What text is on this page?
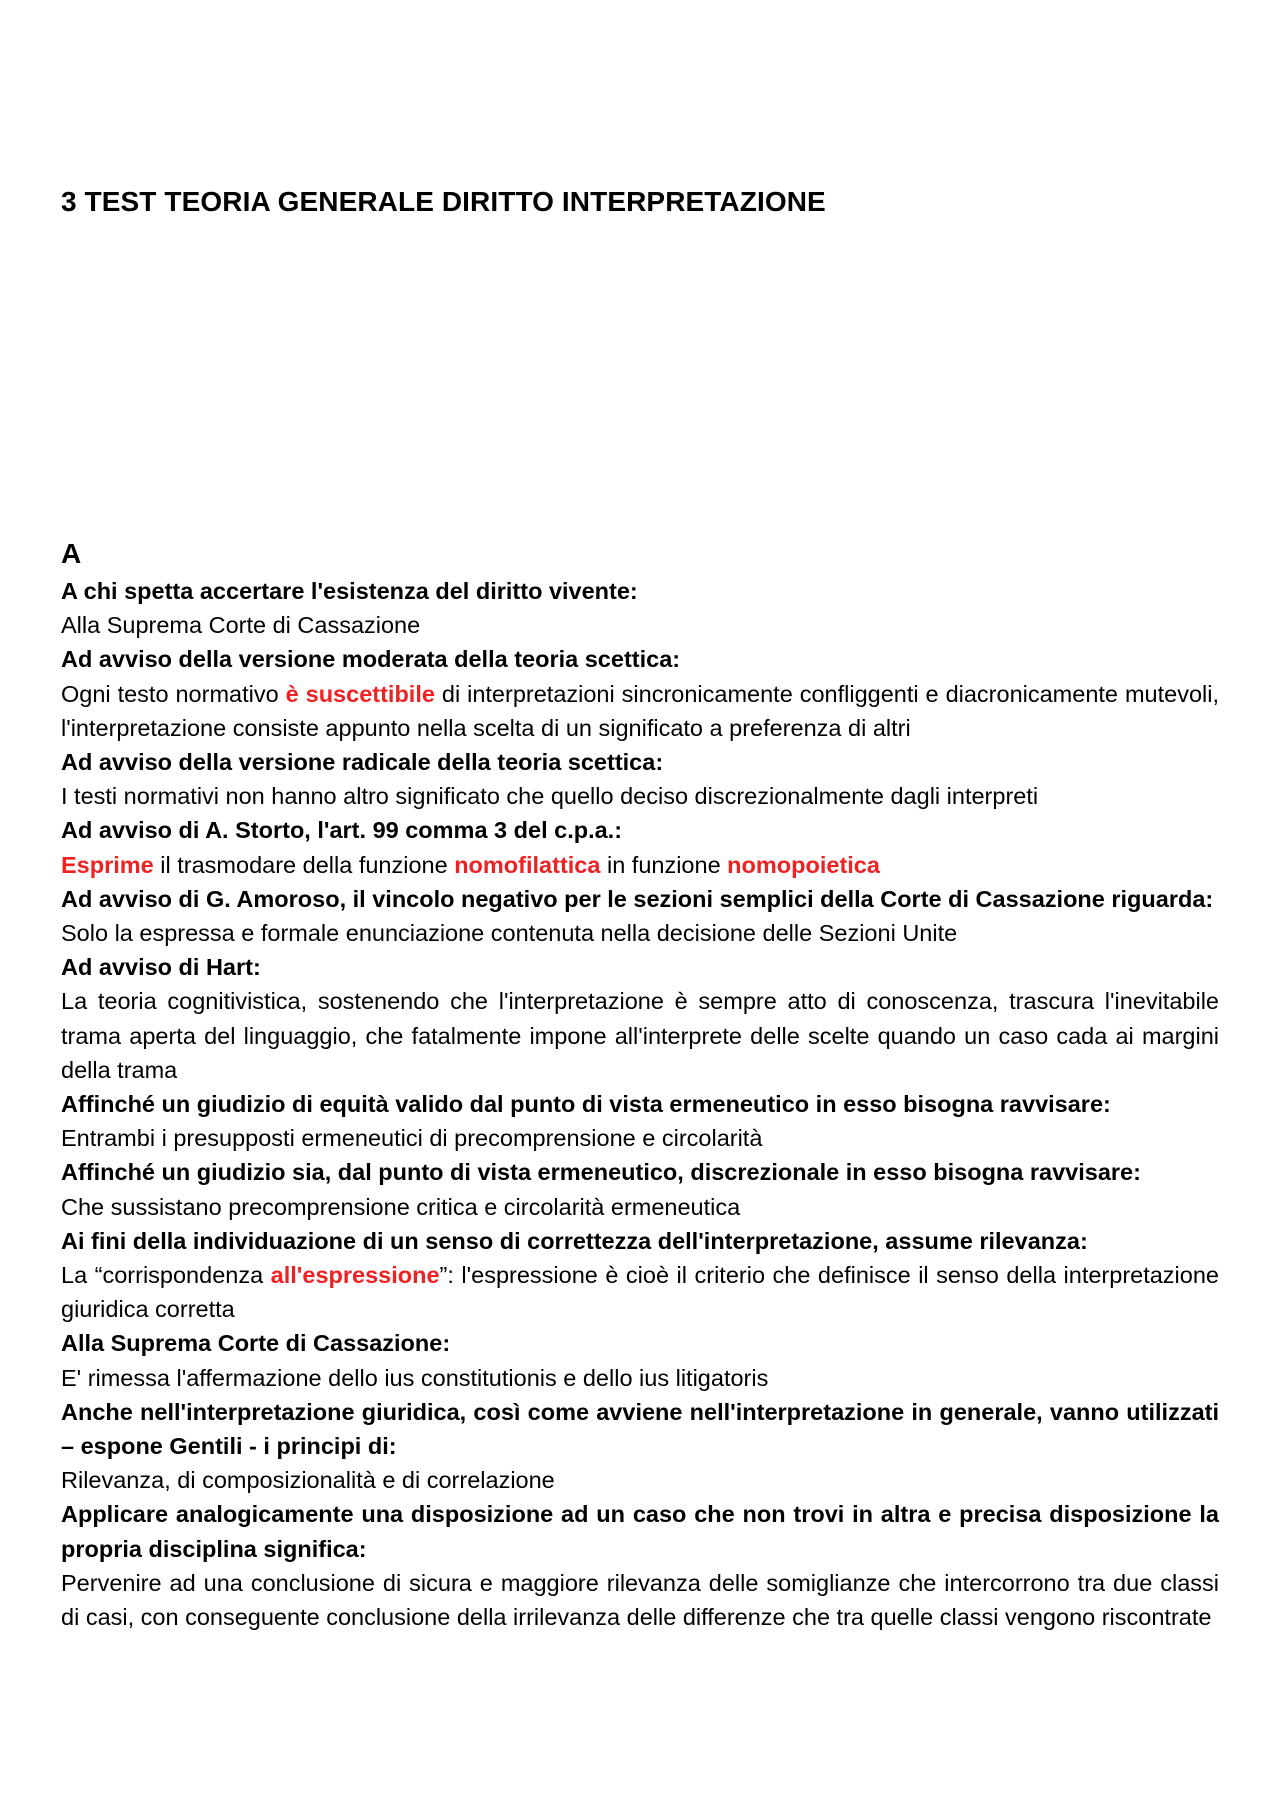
3 TEST TEORIA GENERALE DIRITTO INTERPRETAZIONE
A

A chi spetta accertare l'esistenza del diritto vivente:

Alla Suprema Corte di Cassazione

Ad avviso della versione moderata della teoria scettica:

Ogni testo normativo è suscettibile di interpretazioni sincronicamente confliggenti e diacronicamente mutevoli, l'interpretazione consiste appunto nella scelta di un significato a preferenza di altri

Ad avviso della versione radicale della teoria scettica:

I testi normativi non hanno altro significato che quello deciso discrezionalmente dagli interpreti

Ad avviso di A. Storto, l'art. 99 comma 3 del c.p.a.:

Esprime il trasmodare della funzione nomofilattica in funzione nomopoietica

Ad avviso di G. Amoroso, il vincolo negativo per le sezioni semplici della Corte di Cassazione riguarda:

Solo la espressa e formale enunciazione contenuta nella decisione delle Sezioni Unite

Ad avviso di Hart:

La teoria cognitivistica, sostenendo che l'interpretazione è sempre atto di conoscenza, trascura l'inevitabile trama aperta del linguaggio, che fatalmente impone all'interprete delle scelte quando un caso cada ai margini della trama

Affinché un giudizio di equità valido dal punto di vista ermeneutico in esso bisogna ravvisare:

Entrambi i presupposti ermeneutici di precomprensione e circolarità

Affinché un giudizio sia, dal punto di vista ermeneutico, discrezionale in esso bisogna ravvisare:

Che sussistano precomprensione critica e circolarità ermeneutica

Ai fini della individuazione di un senso di correttezza dell'interpretazione, assume rilevanza:

La “corrispondenza all'espressione”: l'espressione è cioè il criterio che definisce il senso della interpretazione giuridica corretta

Alla Suprema Corte di Cassazione:

E' rimessa l'affermazione dello ius constitutionis e dello ius litigatoris

Anche nell'interpretazione giuridica, così come avviene nell'interpretazione in generale, vanno utilizzati – espone Gentili - i principi di:

Rilevanza, di composizionalità e di correlazione

Applicare analogicamente una disposizione ad un caso che non trovi in altra e precisa disposizione la propria disciplina significa:

Pervenire ad una conclusione di sicura e maggiore rilevanza delle somiglianze che intercorrono tra due classi di casi, con conseguente conclusione della irrilevanza delle differenze che tra quelle classi vengono riscontrate
